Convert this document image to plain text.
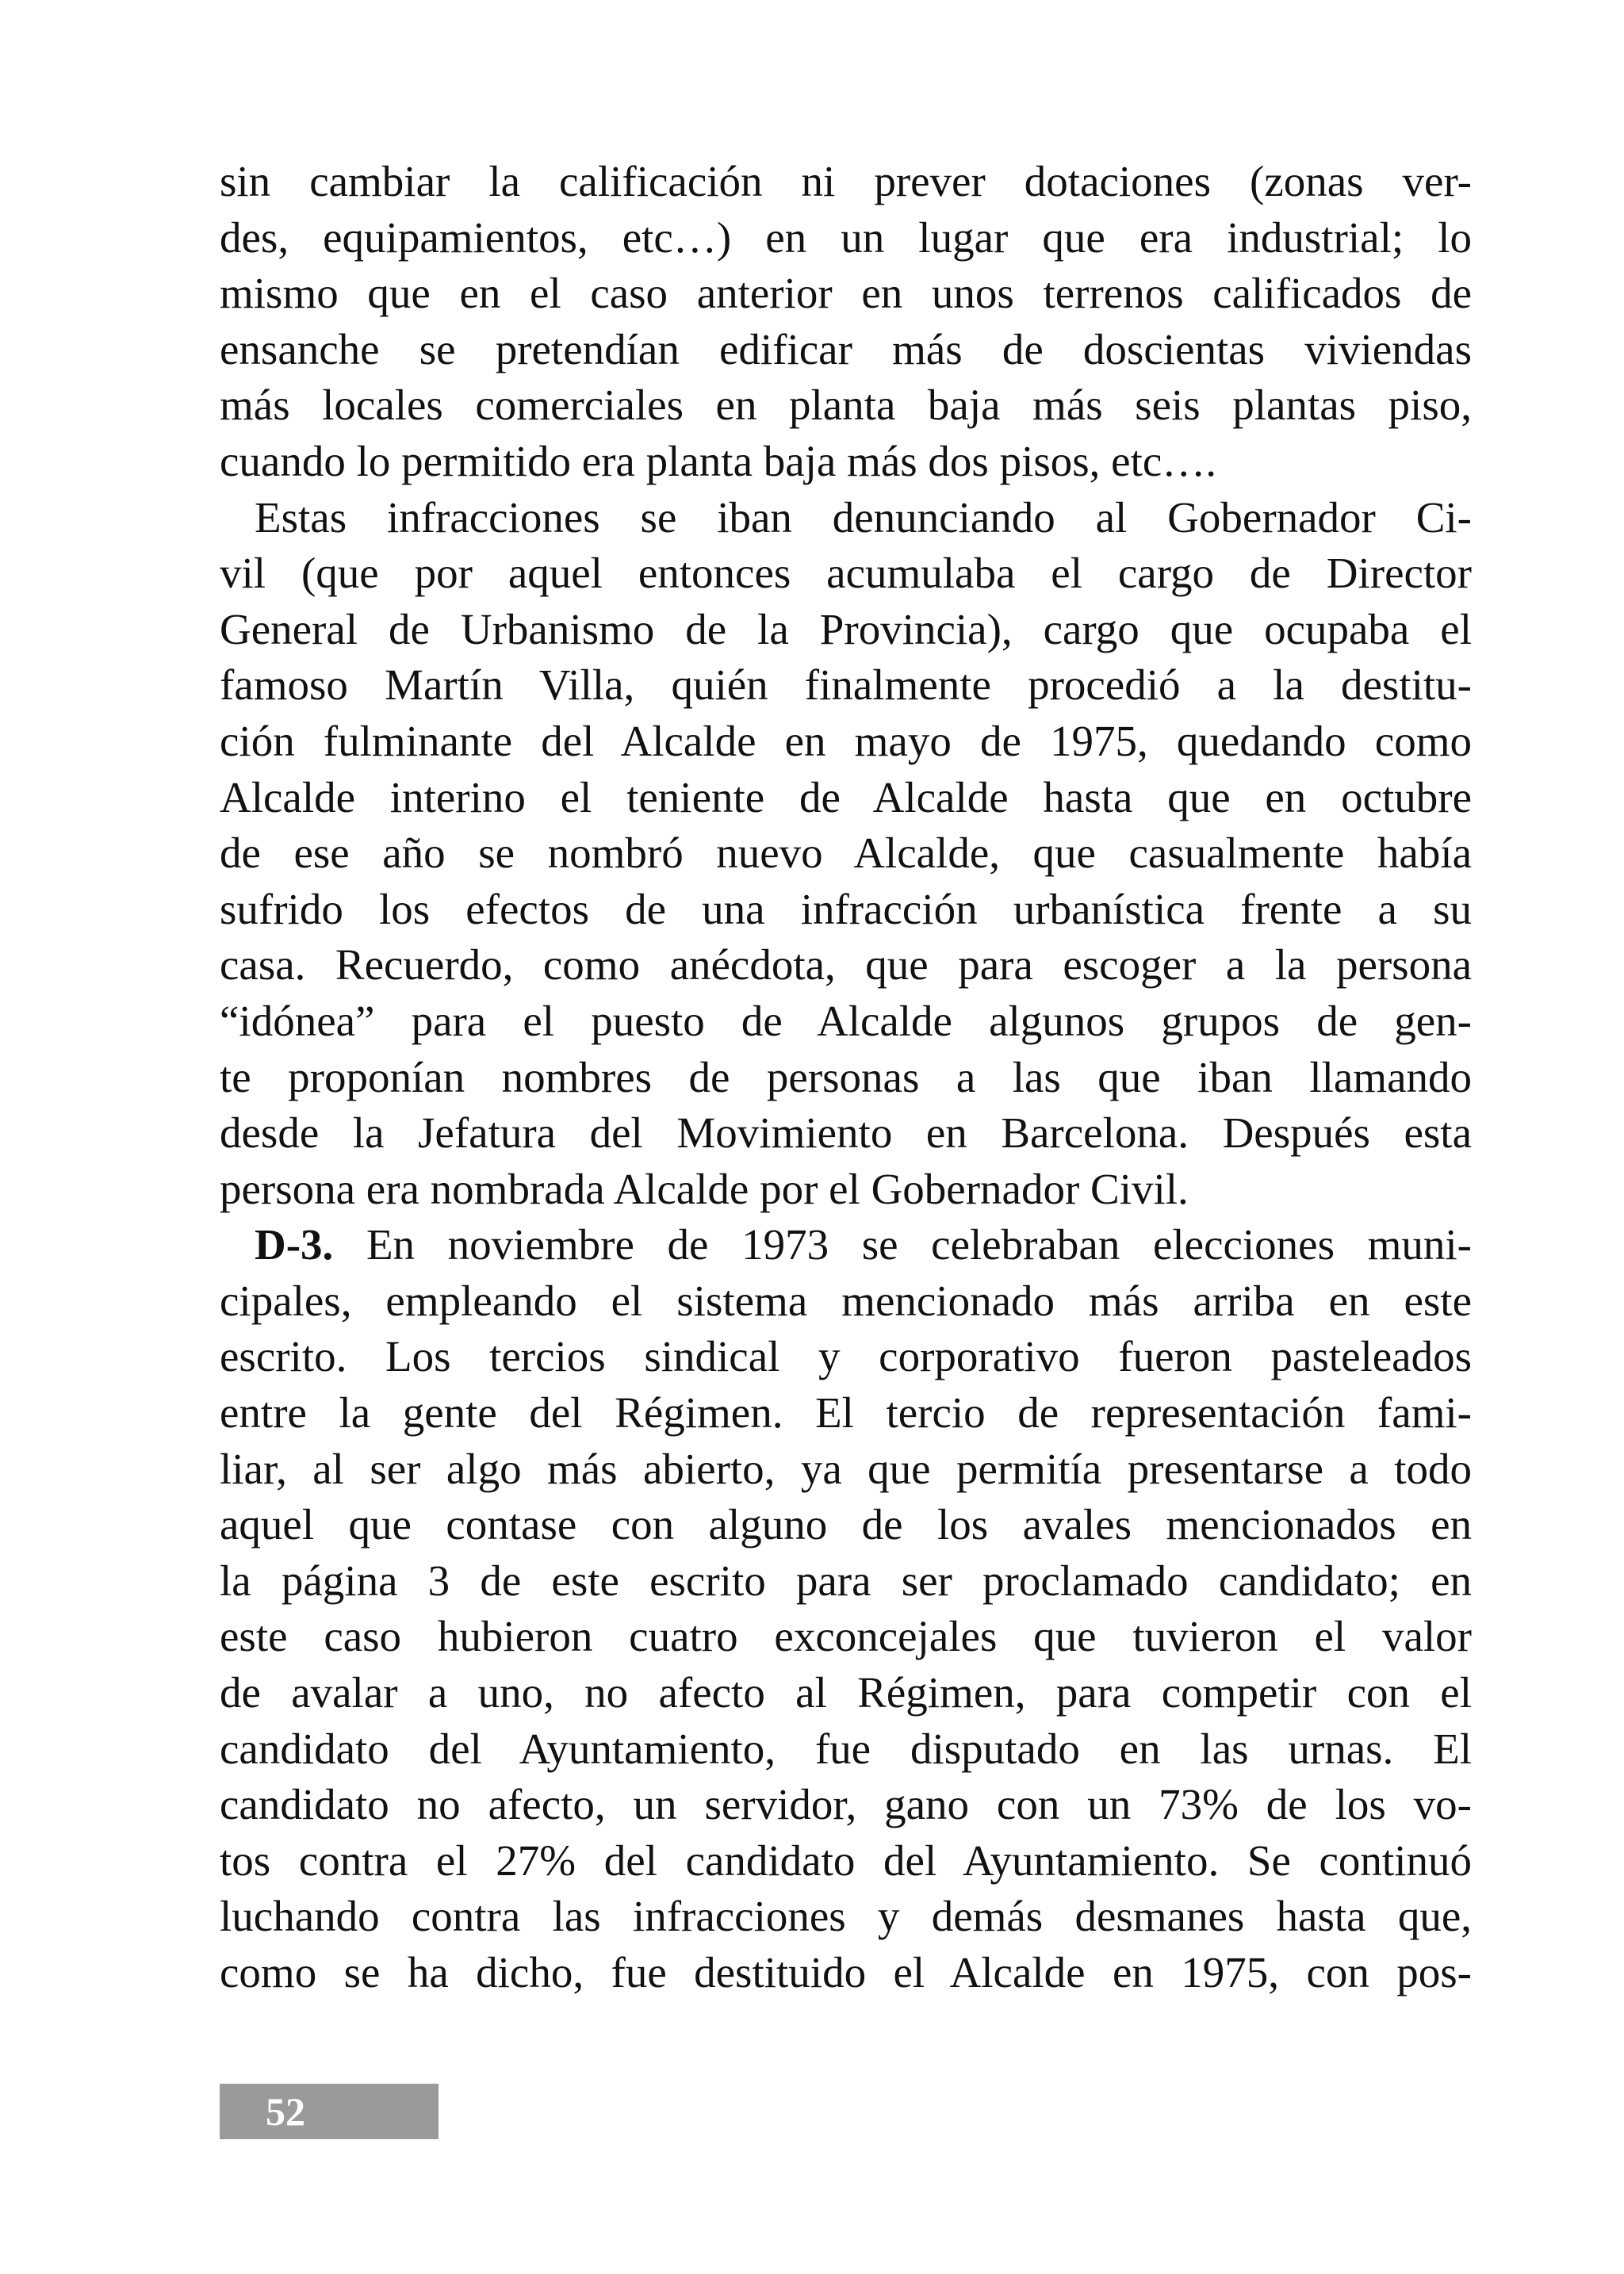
sin cambiar la calificación ni prever dotaciones (zonas ver-
des, equipamientos, etc…) en un lugar que era industrial; lo
mismo que en el caso anterior en unos terrenos calificados de
ensanche se pretendían edificar más de doscientas viviendas
más locales comerciales en planta baja más seis plantas piso,
cuando lo permitido era planta baja más dos pisos, etc….
Estas infracciones se iban denunciando al Gobernador Ci-
vil (que por aquel entonces acumulaba el cargo de Director
General de Urbanismo de la Provincia), cargo que ocupaba el
famoso Martín Villa, quién finalmente procedió a la destitu-
ción fulminante del Alcalde en mayo de 1975, quedando como
Alcalde interino el teniente de Alcalde hasta que en octubre
de ese año se nombró nuevo Alcalde, que casualmente había
sufrido los efectos de una infracción urbanística frente a su
casa. Recuerdo, como anécdota, que para escoger a la persona
“idónea” para el puesto de Alcalde algunos grupos de gen-
te proponían nombres de personas a las que iban llamando
desde la Jefatura del Movimiento en Barcelona. Después esta
persona era nombrada Alcalde por el Gobernador Civil.
D-3. En noviembre de 1973 se celebraban elecciones muni-
cipales, empleando el sistema mencionado más arriba en este
escrito. Los tercios sindical y corporativo fueron pasteleados
entre la gente del Régimen. El tercio de representación fami-
liar, al ser algo más abierto, ya que permitía presentarse a todo
aquel que contase con alguno de los avales mencionados en
la página 3 de este escrito para ser proclamado candidato; en
este caso hubieron cuatro exconcejales que tuvieron el valor
de avalar a uno, no afecto al Régimen, para competir con el
candidato del Ayuntamiento, fue disputado en las urnas. El
candidato no afecto, un servidor, gano con un 73% de los vo-
tos contra el 27% del candidato del Ayuntamiento. Se continuó
luchando contra las infracciones y demás desmanes hasta que,
como se ha dicho, fue destituido el Alcalde en 1975, con pos-
52
